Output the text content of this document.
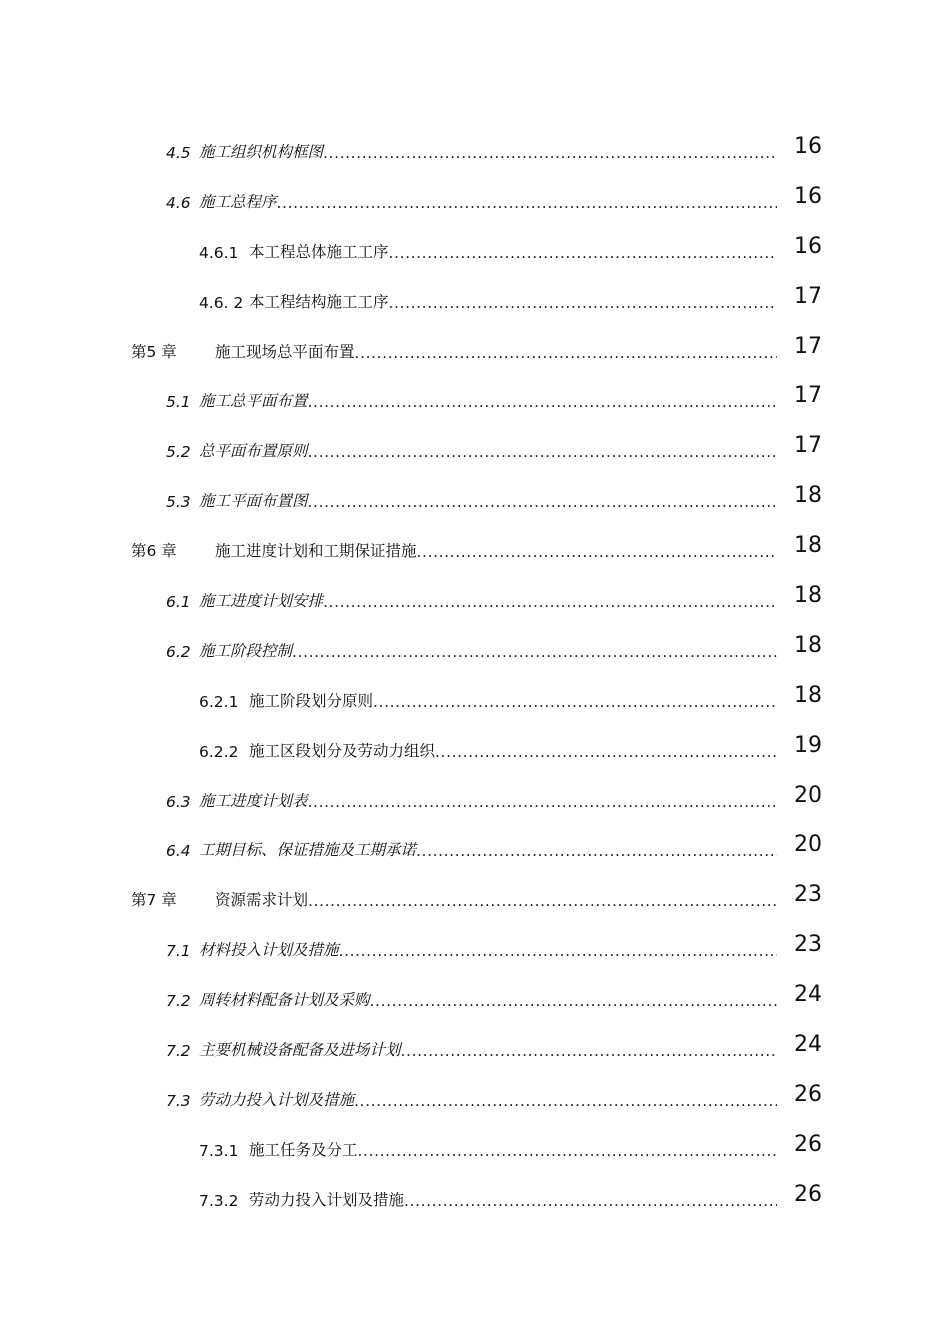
4.5 施工组织机构框图 .....	16
4.6 施工总程序 .....	16
4.6.1 本工程总体施工工序 .....	16
4.6. 2 本工程结构施工工序 .....	17
第5 章	施工现场总平面布置 .....	17
5.1 施工总平面布置 .....	17
5.2 总平面布置原则 .....	17
5.3 施工平面布置图 .....	18
第6 章	施工进度计划和工期保证措施 .....	18
6.1 施工进度计划安排 .....	18
6.2 施工阶段控制 .....	18
6.2.1 施工阶段划分原则 .....	18
6.2.2 施工区段划分及劳动力组织 .....	19
6.3 施工进度计划表 .....	20
6.4 工期目标、保证措施及工期承诺 .....	20
第7 章	资源需求计划 .....	23
7.1 材料投入计划及措施 .....	23
7.2 周转材料配备计划及采购 .....	24
7.2 主要机械设备配备及进场计划 .....	24
7.3 劳动力投入计划及措施 .....	26
7.3.1 施工任务及分工 .....	26
7.3.2 劳动力投入计划及措施 .....	26
